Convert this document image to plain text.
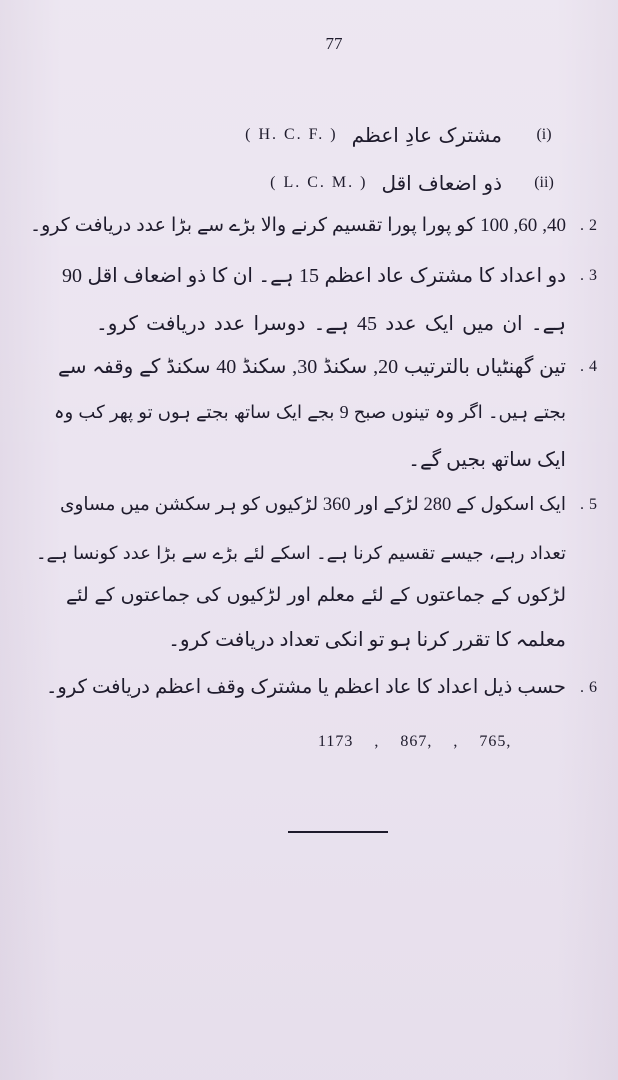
77
(i)
مشترک عادِ اعظم
( H. C. F. )
(ii)
ذو اضعاف اقل
( L. C. M. )
2.
40, 60, 100 کو پورا پورا تقسیم کرنے والا بڑے سے بڑا عدد دریافت کرو۔
3.
دو اعداد کا مشترک عاد اعظم 15 ہے۔ ان کا ذو اضعاف اقل 90
ہے۔ ان میں ایک عدد 45 ہے۔ دوسرا عدد دریافت کرو۔
4.
تین گھنٹیاں بالترتیب 20, سکنڈ 30, سکنڈ 40 سکنڈ کے وقفہ سے
بجتے ہیں۔ اگر وہ تینوں صبح 9 بجے ایک ساتھ بجتے ہوں تو پھر کب وہ
ایک ساتھ بجیں گے۔
5.
ایک اسکول کے 280 لڑکے اور 360 لڑکیوں کو ہر سکشن میں مساوی
تعداد رہے، جیسے تقسیم کرنا ہے۔ اسکے لئے بڑے سے بڑا عدد کونسا ہے۔
لڑکوں کے جماعتوں کے لئے معلم اور لڑکیوں کی جماعتوں کے لئے
معلمہ کا تقرر کرنا ہو تو انکی تعداد دریافت کرو۔
6.
حسب ذیل اعداد کا عاد اعظم یا مشترک وقف اعظم دریافت کرو۔
1173 , 867, , 765,
